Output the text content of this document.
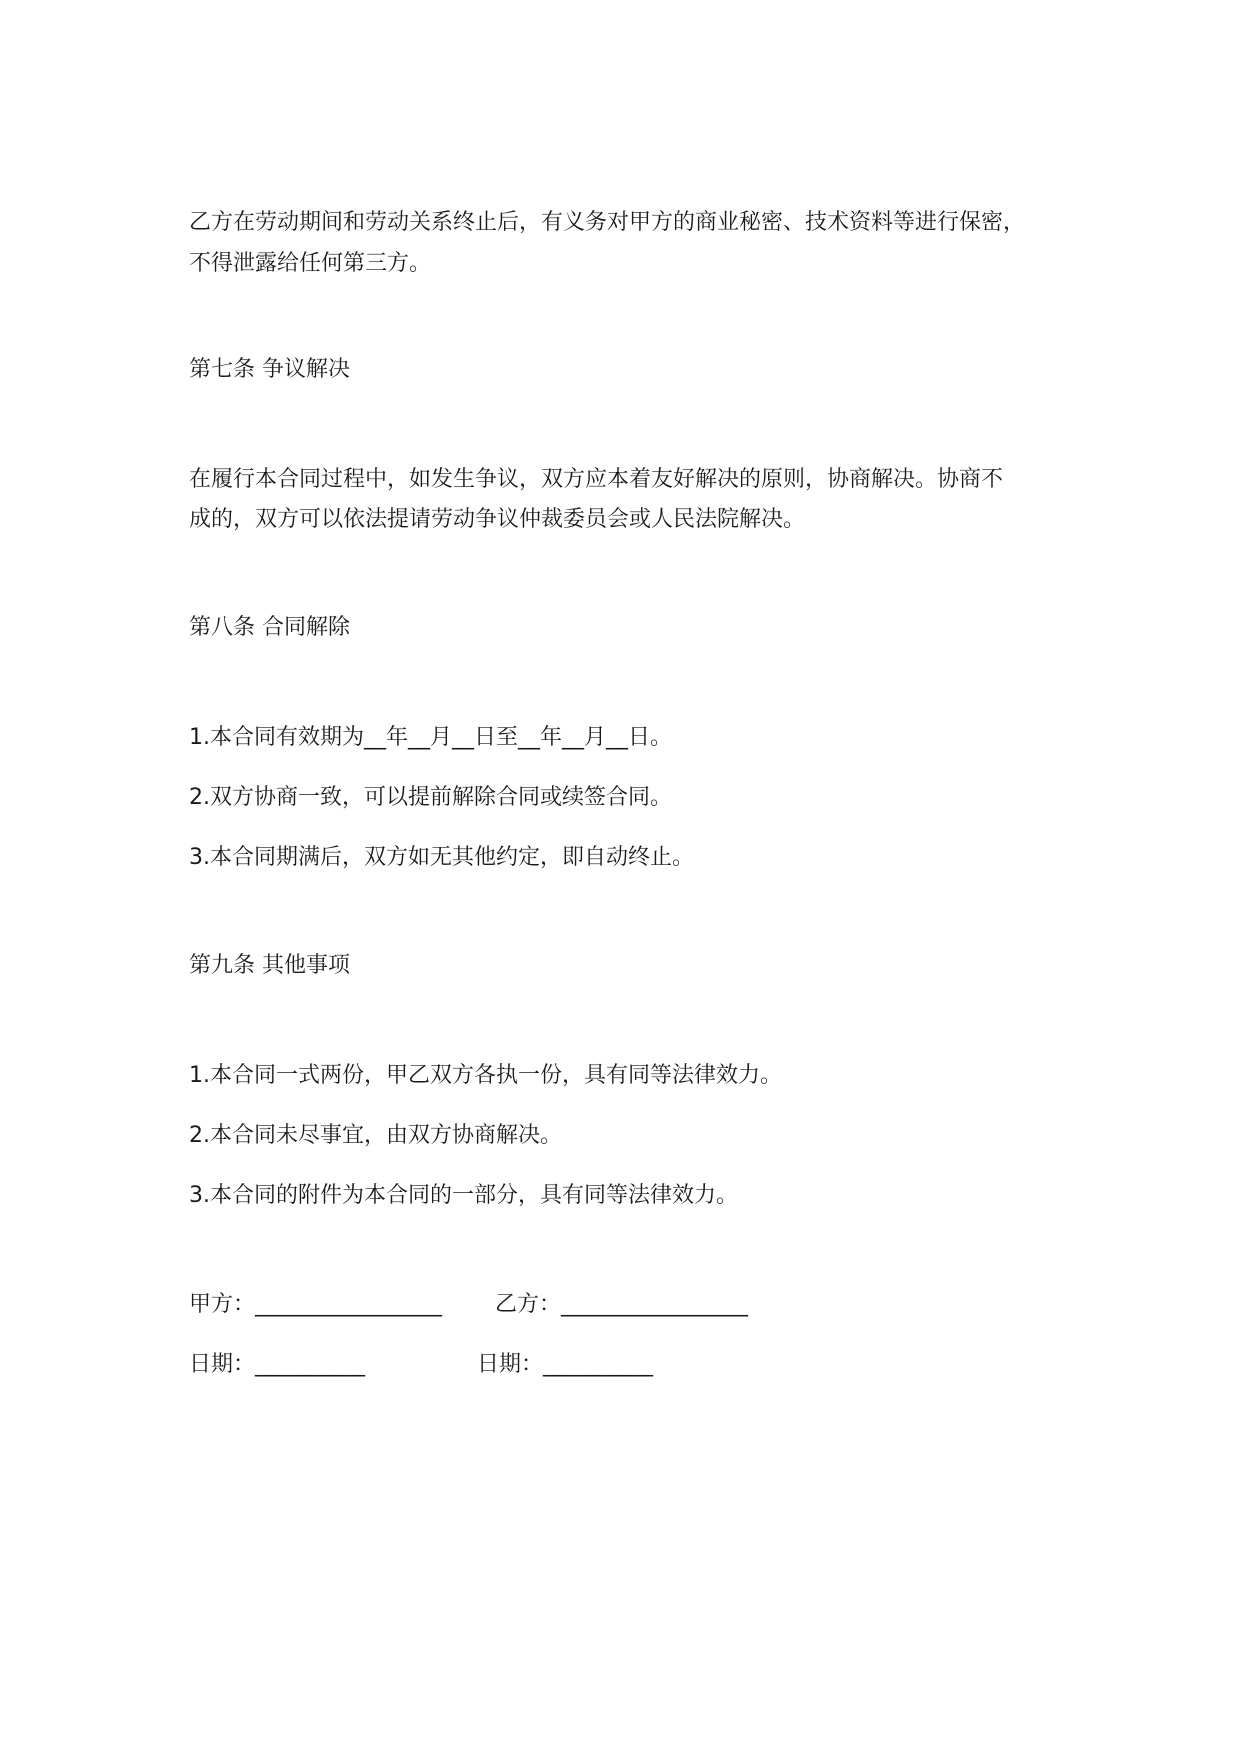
乙方在劳动期间和劳动关系终止后，有义务对甲方的商业秘密、技术资料等进行保密，
不得泄露给任何第三方。
第七条 争议解决
在履行本合同过程中，如发生争议，双方应本着友好解决的原则，协商解决。协商不
成的，双方可以依法提请劳动争议仲裁委员会或人民法院解决。
第八条 合同解除
1.本合同有效期为__年__月__日至__年__月__日。
2.双方协商一致，可以提前解除合同或续签合同。
3.本合同期满后，双方如无其他约定，即自动终止。
第九条 其他事项
1.本合同一式两份，甲乙双方各执一份，具有同等法律效力。
2.本合同未尽事宜，由双方协商解决。
3.本合同的附件为本合同的一部分，具有同等法律效力。
甲方：_________________ 乙方：_________________
日期：__________	日期：__________
